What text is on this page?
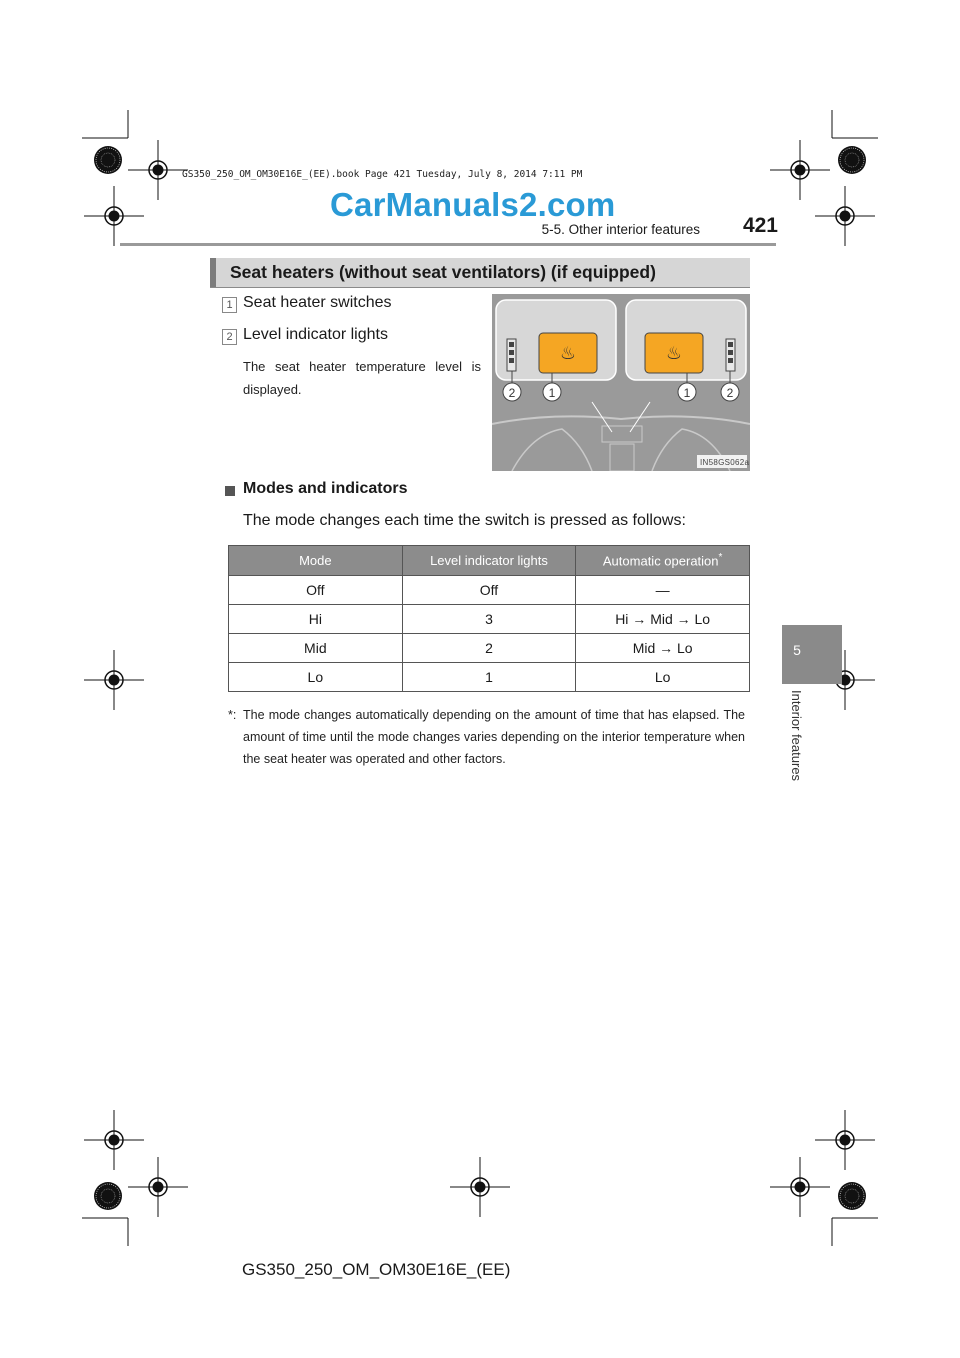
GS350_250_OM_OM30E16E_(EE).book Page 421 Tuesday, July 8, 2014 7:11 PM
CarManuals2.com
5-5. Other interior features	421
5
Interior features
Seat heaters (without seat ventilators) (if equipped)
1 Seat heater switches
2 Level indicator lights
The seat heater temperature level is displayed.
♨	♨
2	1	1	2
IN58GS062a
Modes and indicators
The mode changes each time the switch is pressed as follows:
Mode	Level indicator lights	Automatic operation*
Off	Off	—
Hi	3	Hi → Mid → Lo
Mid	2	Mid → Lo
Lo	1	Lo
*: The mode changes automatically depending on the amount of time that has elapsed. The amount of time until the mode changes varies depending on the interior temperature when the seat heater was operated and other factors.
GS350_250_OM_OM30E16E_(EE)
